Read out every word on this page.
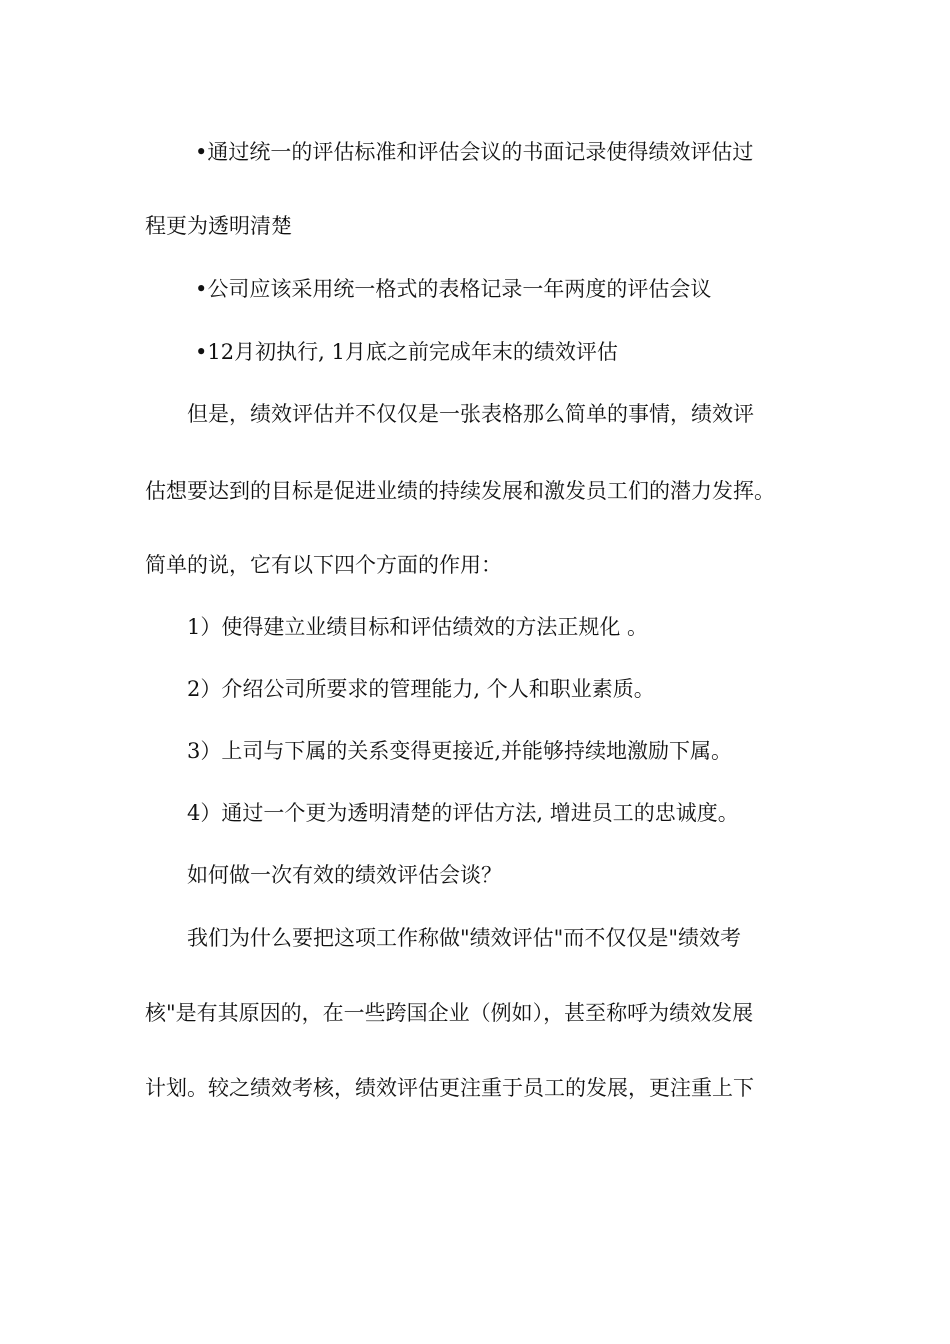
•通过统一的评估标准和评估会议的书面记录使得绩效评估过
程更为透明清楚
•公司应该采用统一格式的表格记录一年两度的评估会议
•12月初执行, 1月底之前完成年末的绩效评估
但是，绩效评估并不仅仅是一张表格那么简单的事情，绩效评
估想要达到的目标是促进业绩的持续发展和激发员工们的潜力发挥。
简单的说，它有以下四个方面的作用：
1）使得建立业绩目标和评估绩效的方法正规化 。
2）介绍公司所要求的管理能力, 个人和职业素质。
3）上司与下属的关系变得更接近,并能够持续地激励下属。
4）通过一个更为透明清楚的评估方法, 增进员工的忠诚度。
如何做一次有效的绩效评估会谈？
我们为什么要把这项工作称做"绩效评估"而不仅仅是"绩效考
核"是有其原因的，在一些跨国企业（例如），甚至称呼为绩效发展
计划。较之绩效考核，绩效评估更注重于员工的发展，更注重上下
